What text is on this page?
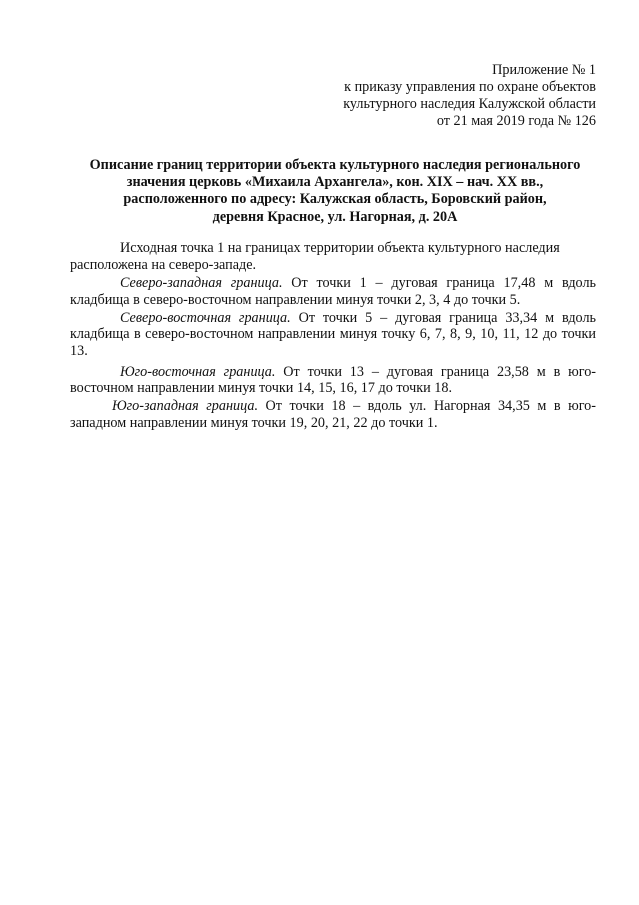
Приложение № 1
к приказу управления по охране объектов
культурного наследия Калужской области
от 21 мая 2019 года № 126
Описание границ территории объекта культурного наследия регионального
значения церковь «Михаила Архангела», кон. XIX – нач. XX вв.,
расположенного по адресу: Калужская область, Боровский район,
деревня Красное, ул. Нагорная, д. 20А

Исходная точка 1 на границах территории объекта культурного наследия
расположена на северо-западе.

Северо-западная граница. От точки 1 – дуговая граница 17,48 м вдоль
кладбища в северо-восточном направлении минуя точки 2, 3, 4 до точки 5.

Северо-восточная граница. От точки 5 – дуговая граница 33,34 м вдоль
кладбища в северо-восточном направлении минуя точку 6, 7, 8, 9, 10, 11, 12 до точки
13.

Юго-восточная граница. От точки 13 – дуговая граница 23,58 м в юго-
восточном направлении минуя точки 14, 15, 16, 17 до точки 18.

Юго-западная граница. От точки 18 – вдоль ул. Нагорная 34,35 м в юго-
западном направлении минуя точки 19, 20, 21, 22 до точки 1.
